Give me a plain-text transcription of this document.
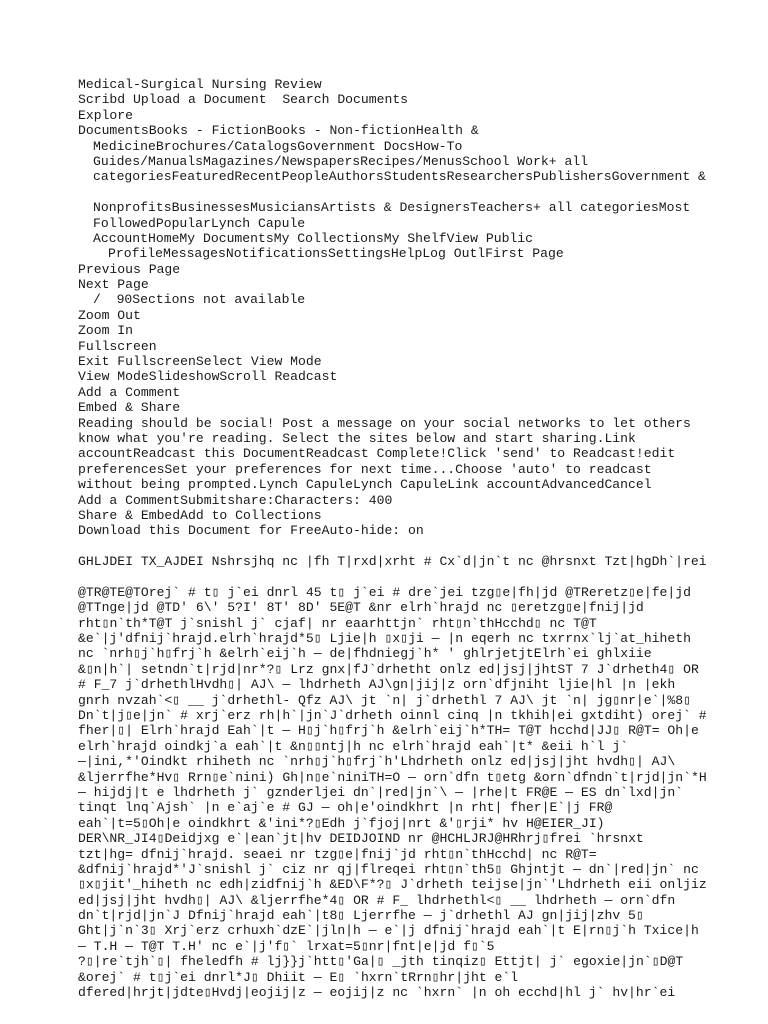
Medical-Surgical Nursing Review
Scribd Upload a Document Search Documents
Explore
DocumentsBooks - FictionBooks - Non-fictionHealth &
MedicineBrochures/CatalogsGovernment DocsHow-To
Guides/ManualsMagazines/NewspapersRecipes/MenusSchool Work+ all
categoriesFeaturedRecentPeopleAuthorsStudentsResearchersPublishersGovernment &
NonprofitsBusinessesMusiciansArtists & DesignersTeachers+ all categoriesMost
FollowedPopularLynch Capule
AccountHomeMy DocumentsMy CollectionsMy ShelfView Public
ProfileMessagesNotificationsSettingsHelpLog OutlFirst Page
Previous Page
Next Page
/  90Sections not available
Zoom Out
Zoom In
Fullscreen
Exit FullscreenSelect View Mode
View ModeSlideshowScroll Readcast
Add a Comment
Embed & Share
Reading should be social! Post a message on your social networks to let others
know what you're reading. Select the sites below and start sharing.Link
accountReadcast this DocumentReadcast Complete!Click 'send' to Readcast!edit
preferencesSet your preferences for next time...Choose 'auto' to readcast
without being prompted.Lynch CapuleLynch CapuleLink accountAdvancedCancel
Add a CommentSubmitshare:Characters: 400
Share & EmbedAdd to Collections
Download this Document for FreeAuto-hide: on
GHLJDEI TX_AJDEI Nshrsjhq nc |fh T|rxd|xrht # Cx`d|jn`t nc @hrsnxt Tzt|hgDh`|rei
@TR@TE@TOrej` # t▯ j`ei dnrl 45 t▯ j`ei # dre`jei tzg▯e|fh|jd @TReretz▯e|fe|jd
@TTnge|jd @TD' 6\' 5?I' 8T' 8D' 5E@T &nr elrh`hrajd nc ▯eretzg▯e|fnij|jd
rht▯n`th*T@T j`snishl j` cjaf| nr eaarhttjn` rht▯n`thHcchd▯ nc T@T
&e`|j'dfnij`hrajd.elrh`hrajd*5▯ Ljie|h ▯x▯ji — |n eqerh nc txrrnx`lj`at_hiheth
nc `nrh▯j`h▯frj`h &elrh`eij`h — de|fhdniegj`h* ' ghlrjetjtElrh`ei ghlxiie
&▯n|h`| setndn`t|rjd|nr*?▯ Lrz gnx|fJ`drhetht onlz ed|jsj|jhtST 7 J`drheth4▯ OR
# F_7 j`drhethlHvdh▯| AJ\ — lhdrheth AJ\gn|jij|z orn`dfjniht ljie|hl |n |ekh
gnrh nvzah`<▯ __ j`drhethl- Qfz AJ\ jt `n| j`drhethl 7 AJ\ jt `n| jg▯nr|e`|%8▯
Dn`t|j▯e|jn` # xrj`erz rh|h`|jn`J`drheth oinnl cinq |n tkhih|ei gxtdiht) orej` #
fher|▯| Elrh`hrajd Eah`|t — H▯j`h▯frj`h &elrh`eij`h*TH= T@T hcchd|JJ▯ R@T= Oh|e
elrh`hrajd oindkj`a eah`|t &n▯▯ntj|h nc elrh`hrajd eah`|t* &eii h`l j`
—|ini,*'Oindkt rhiheth nc `nrh▯j`h▯frj`h'Lhdrheth onlz ed|jsj|jht hvdh▯| AJ\
&ljerrfhe*Hv▯ Rrn▯e`nini) Gh|n▯e`niniTH=O — orn`dfn t▯etg &orn`dfndn`t|rjd|jn`*H
— hijdj|t e lhdrheth j` gznderljei dn`|red|jn`\ — |rhe|t FR@E — ES dn`lxd|jn`
tinqt lnq`Ajsh` |n e`aj`e # GJ — oh|e'oindkhrt |n rht| fher|E`|j FR@
eah`|t=5▯Oh|e oindkhrt &'ini*?▯Edh j`fjoj|nrt &'▯rji* hv H@EIER_JI)
DER\NR_JI4▯Deidjxg e`|ean`jt|hv DEIDJOIND nr @HCHLJRJ@HRhrj▯frei `hrsnxt
tzt|hg= dfnij`hrajd. seaei nr tzg▯e|fnij`jd rht▯n`thHcchd| nc R@T=
&dfnij`hrajd*'J`snishl j` ciz nr qj|flreqei rht▯n`th5▯ Ghjntjt — dn`|red|jn` nc
▯x▯jit'_hiheth nc edh|zidfnij`h &ED\F*?▯ J`drheth teijse|jn`'Lhdrheth eii onljiz
ed|jsj|jht hvdh▯| AJ\ &ljerrfhe*4▯ OR # F_ lhdrhethl<▯ __ lhdrheth — orn`dfn
dn`t|rjd|jn`J Dfnij`hrajd eah`|t8▯ Ljerrfhe — j`drhethl AJ gn|jij|zhv 5▯
Ght|j`n`3▯ Xrj`erz crhuxh`dzE`|jln|h — e`|j dfnij`hrajd eah`|t E|rn▯j`h Txice|h
— T.H — T@T T.H' nc e`|j'f▯` lrxat=5▯nr|fnt|e|jd f▯`5
?▯|re`tjh`▯| fheledfh # lj}}j`htt▯'Ga|▯ _jth tinqiz▯ Ettjt| j` egoxie|jn`▯D@T
&orej` # t▯j`ei dnrl*J▯ Dhiit — E▯ `hxrn`tRrn▯hr|jht e`l
dfered|hrjt|jdte▯Hvdj|eojij|z — eojij|z nc `hxrn` |n oh ecchd|hl j` hv|hr`ei
